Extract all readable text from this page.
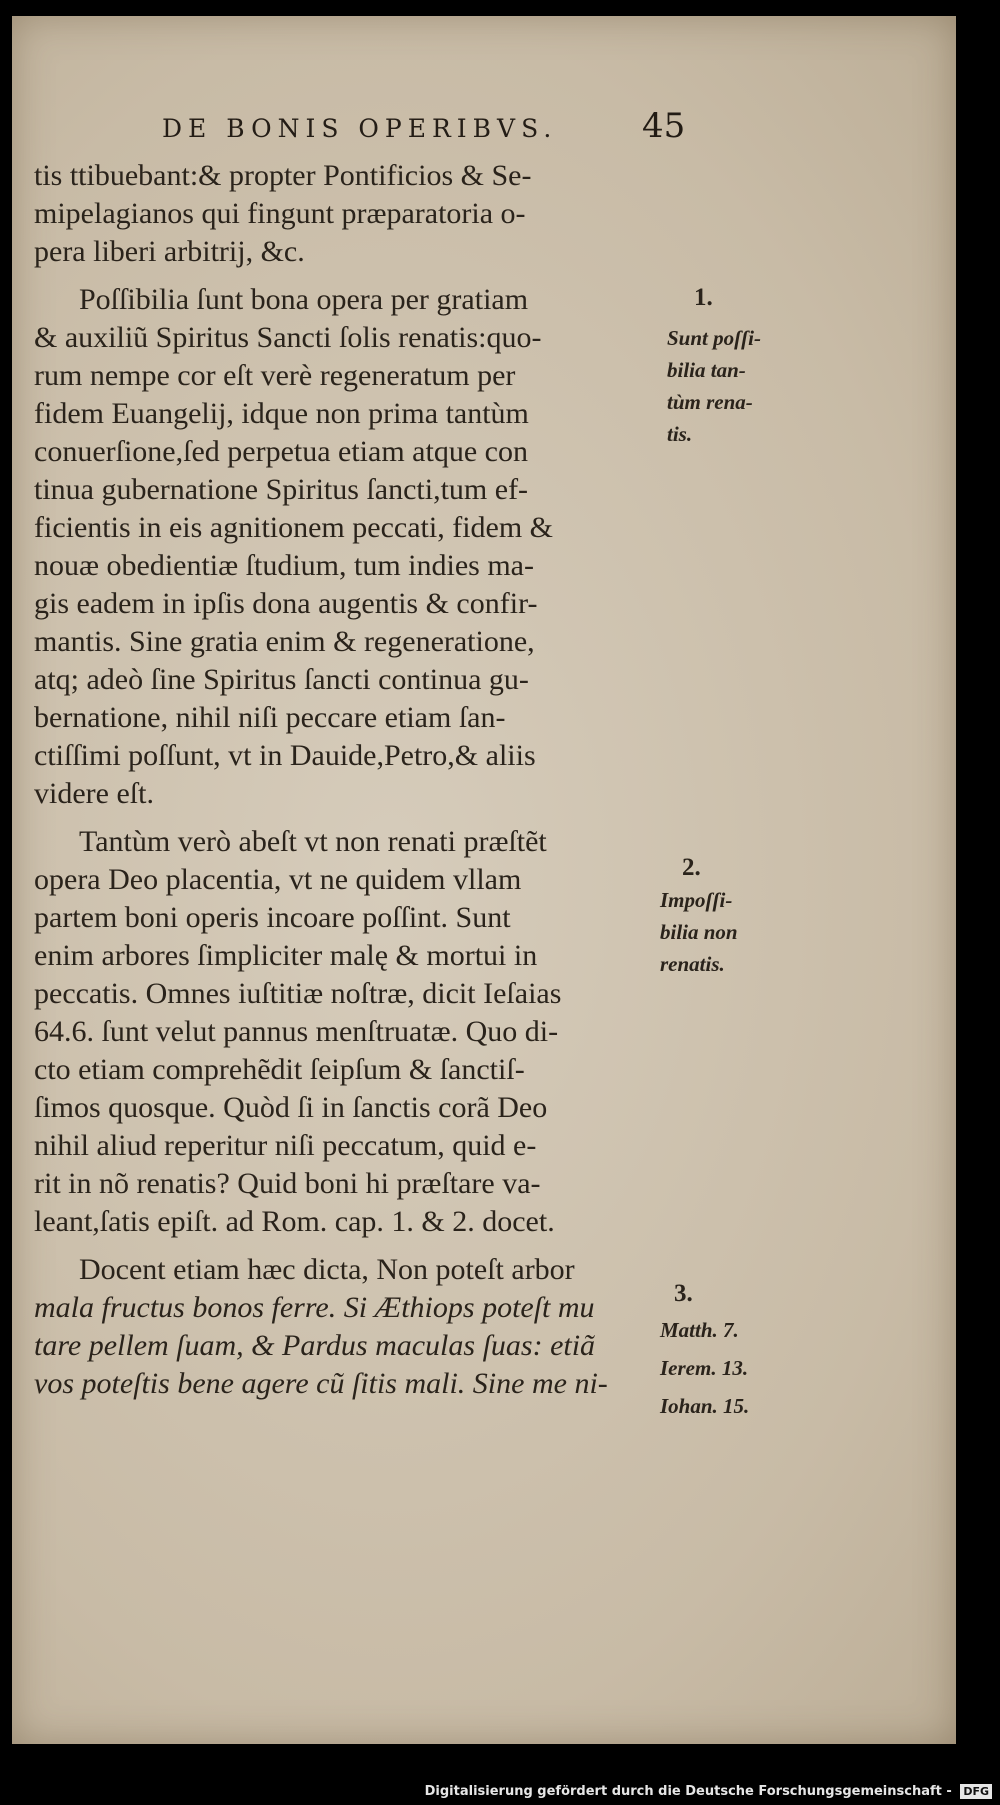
DE BONIS OPERIBVS. 45
tis ttibuebant:& propter Pontificios & Se-
mipelagianos qui fingunt præparatoria o-
pera liberi arbitrij, &c.
Poſſibilia ſunt bona opera per gratiam
& auxiliũ Spiritus Sancti ſolis renatis:quo-
rum nempe cor eſt verè regeneratum per
fidem Euangelij, idque non prima tantùm
conuerſione,ſed perpetua etiam atque con
tinua gubernatione Spiritus ſancti,tum ef-
ficientis in eis agnitionem peccati, fidem &
nouæ obedientiæ ſtudium, tum indies ma-
gis eadem in ipſis dona augentis & confir-
mantis. Sine gratia enim & regeneratione,
atq; adeò ſine Spiritus ſancti continua gu-
bernatione, nihil niſi peccare etiam ſan-
ctiſſimi poſſunt, vt in Dauide,Petro,& aliis
videre eſt.
Tantùm verò abeſt vt non renati præſtẽt
opera Deo placentia, vt ne quidem vllam
partem boni operis incoare poſſint. Sunt
enim arbores ſimpliciter malę & mortui in
peccatis. Omnes iuſtitiæ noſtræ, dicit Ieſaias
64.6. ſunt velut pannus menſtruatæ. Quo di-
cto etiam comprehẽdit ſeipſum & ſanctiſ-
ſimos quosque. Quòd ſi in ſanctis corã Deo
nihil aliud reperitur niſi peccatum, quid e-
rit in nõ renatis? Quid boni hi præſtare va-
leant,ſatis epiſt. ad Rom. cap. 1. & 2. docet.
Docent etiam hæc dicta, Non poteſt arbor
mala fructus bonos ferre. Si Æthiops poteſt mu
tare pellem ſuam, & Pardus maculas ſuas: etiã
vos poteſtis bene agere cũ ſitis mali. Sine me ni-
1.
Sunt poſſi-
bilia tan-
tùm rena-
tis.
2.
Impoſſi-
bilia non
renatis.
3.
Matth. 7.
Ierem. 13.
Iohan. 15.
Digitalisierung gefördert durch die Deutsche Forschungsgemeinschaft - DFG
